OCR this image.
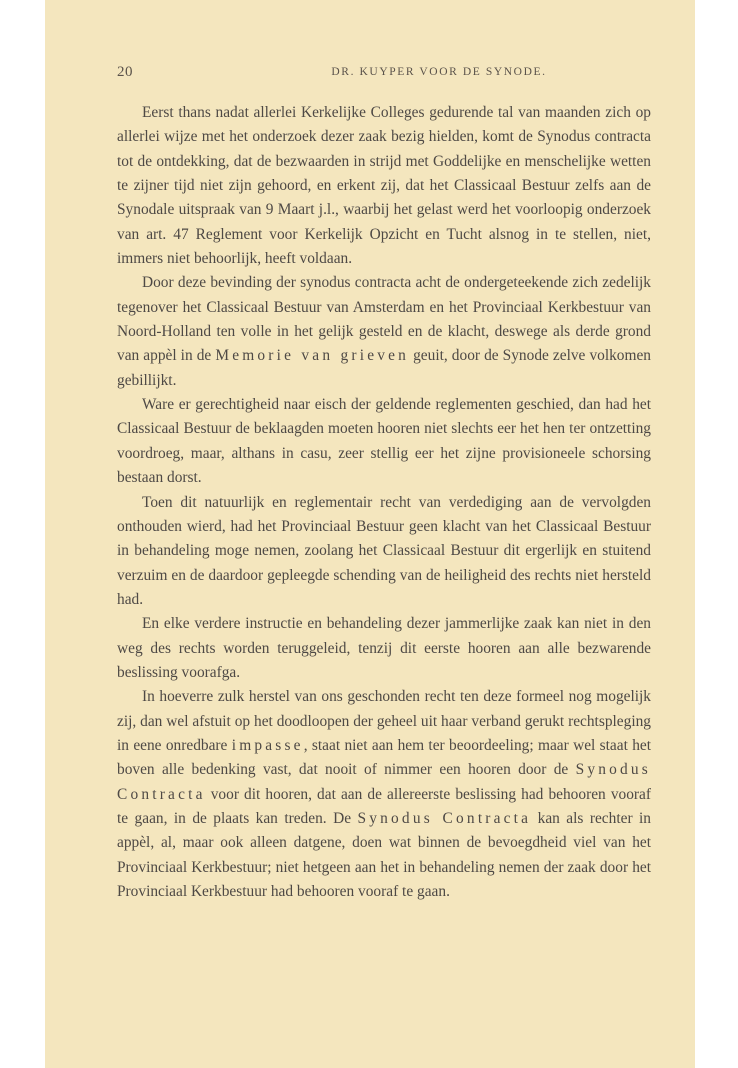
20	DR. KUYPER VOOR DE SYNODE.

Eerst thans nadat allerlei Kerkelijke Colleges gedurende tal van maanden zich op allerlei wijze met het onderzoek dezer zaak bezig hielden, komt de Synodus contracta tot de ontdekking, dat de bezwaarden in strijd met Goddelijke en menschelijke wetten te zijner tijd niet zijn gehoord, en erkent zij, dat het Classicaal Bestuur zelfs aan de Synodale uitspraak van 9 Maart j.l., waarbij het gelast werd het voorloopig onderzoek van art. 47 Reglement voor Kerkelijk Opzicht en Tucht alsnog in te stellen, niet, immers niet behoorlijk, heeft voldaan.

Door deze bevinding der synodus contracta acht de ondergeteekende zich zedelijk tegenover het Classicaal Bestuur van Amsterdam en het Provinciaal Kerkbestuur van Noord-Holland ten volle in het gelijk gesteld en de klacht, deswege als derde grond van appèl in de Memorie van grieven geuit, door de Synode zelve volkomen gebillijkt.

Ware er gerechtigheid naar eisch der geldende reglementen geschied, dan had het Classicaal Bestuur de beklaagden moeten hooren niet slechts eer het hen ter ontzetting voordroeg, maar, althans in casu, zeer stellig eer het zijne provisioneele schorsing bestaan dorst.

Toen dit natuurlijk en reglementair recht van verdediging aan de vervolgden onthouden wierd, had het Provinciaal Bestuur geen klacht van het Classicaal Bestuur in behandeling moge nemen, zoolang het Classicaal Bestuur dit ergerlijk en stuitend verzuim en de daardoor gepleegde schending van de heiligheid des rechts niet hersteld had.

En elke verdere instructie en behandeling dezer jammerlijke zaak kan niet in den weg des rechts worden teruggeleid, tenzij dit eerste hooren aan alle bezwarende beslissing voorafga.

In hoeverre zulk herstel van ons geschonden recht ten deze formeel nog mogelijk zij, dan wel afstuit op het doodloopen der geheel uit haar verband gerukt rechtspleging in eene onredbare impasse, staat niet aan hem ter beoordeeling; maar wel staat het boven alle bedenking vast, dat nooit of nimmer een hooren door de Synodus Contracta voor dit hooren, dat aan de allereerste beslissing had behooren vooraf te gaan, in de plaats kan treden. De Synodus Contracta kan als rechter in appèl, al, maar ook alleen datgene, doen wat binnen de bevoegdheid viel van het Provinciaal Kerkbestuur; niet hetgeen aan het in behandeling nemen der zaak door het Provinciaal Kerkbestuur had behooren vooraf te gaan.
